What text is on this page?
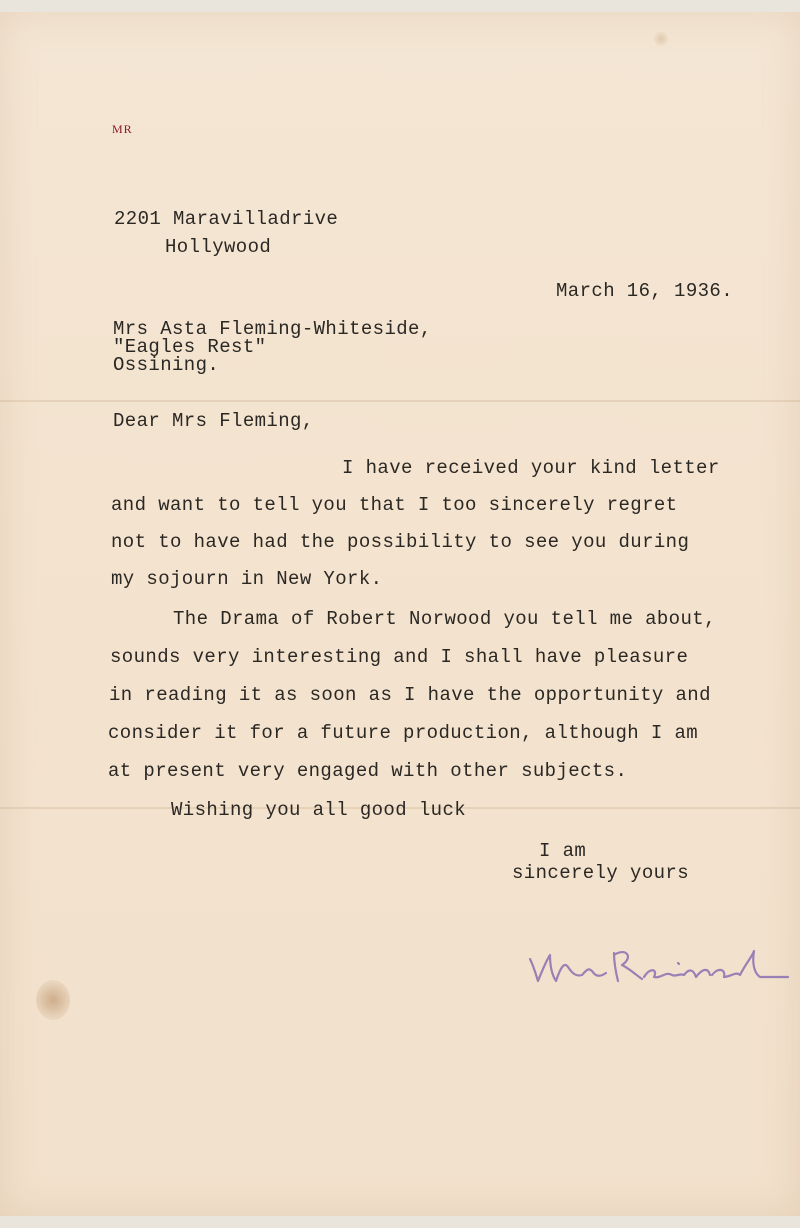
MR
2201 Maravilladrive
Hollywood
March 16, 1936.
Mrs Asta Fleming-Whiteside,
"Eagles Rest"
Ossining.
Dear Mrs Fleming,
I have received your kind letter
and want to tell you that I too sincerely regret
not to have had the possibility to see you during
my sojourn in New York.
The Drama of Robert Norwood you tell me about,
sounds very interesting and I shall have pleasure
in reading it as soon as I have the opportunity and
consider it for a future production, although I am
at present very engaged with other subjects.
Wishing you all good luck
I am
sincerely yours
